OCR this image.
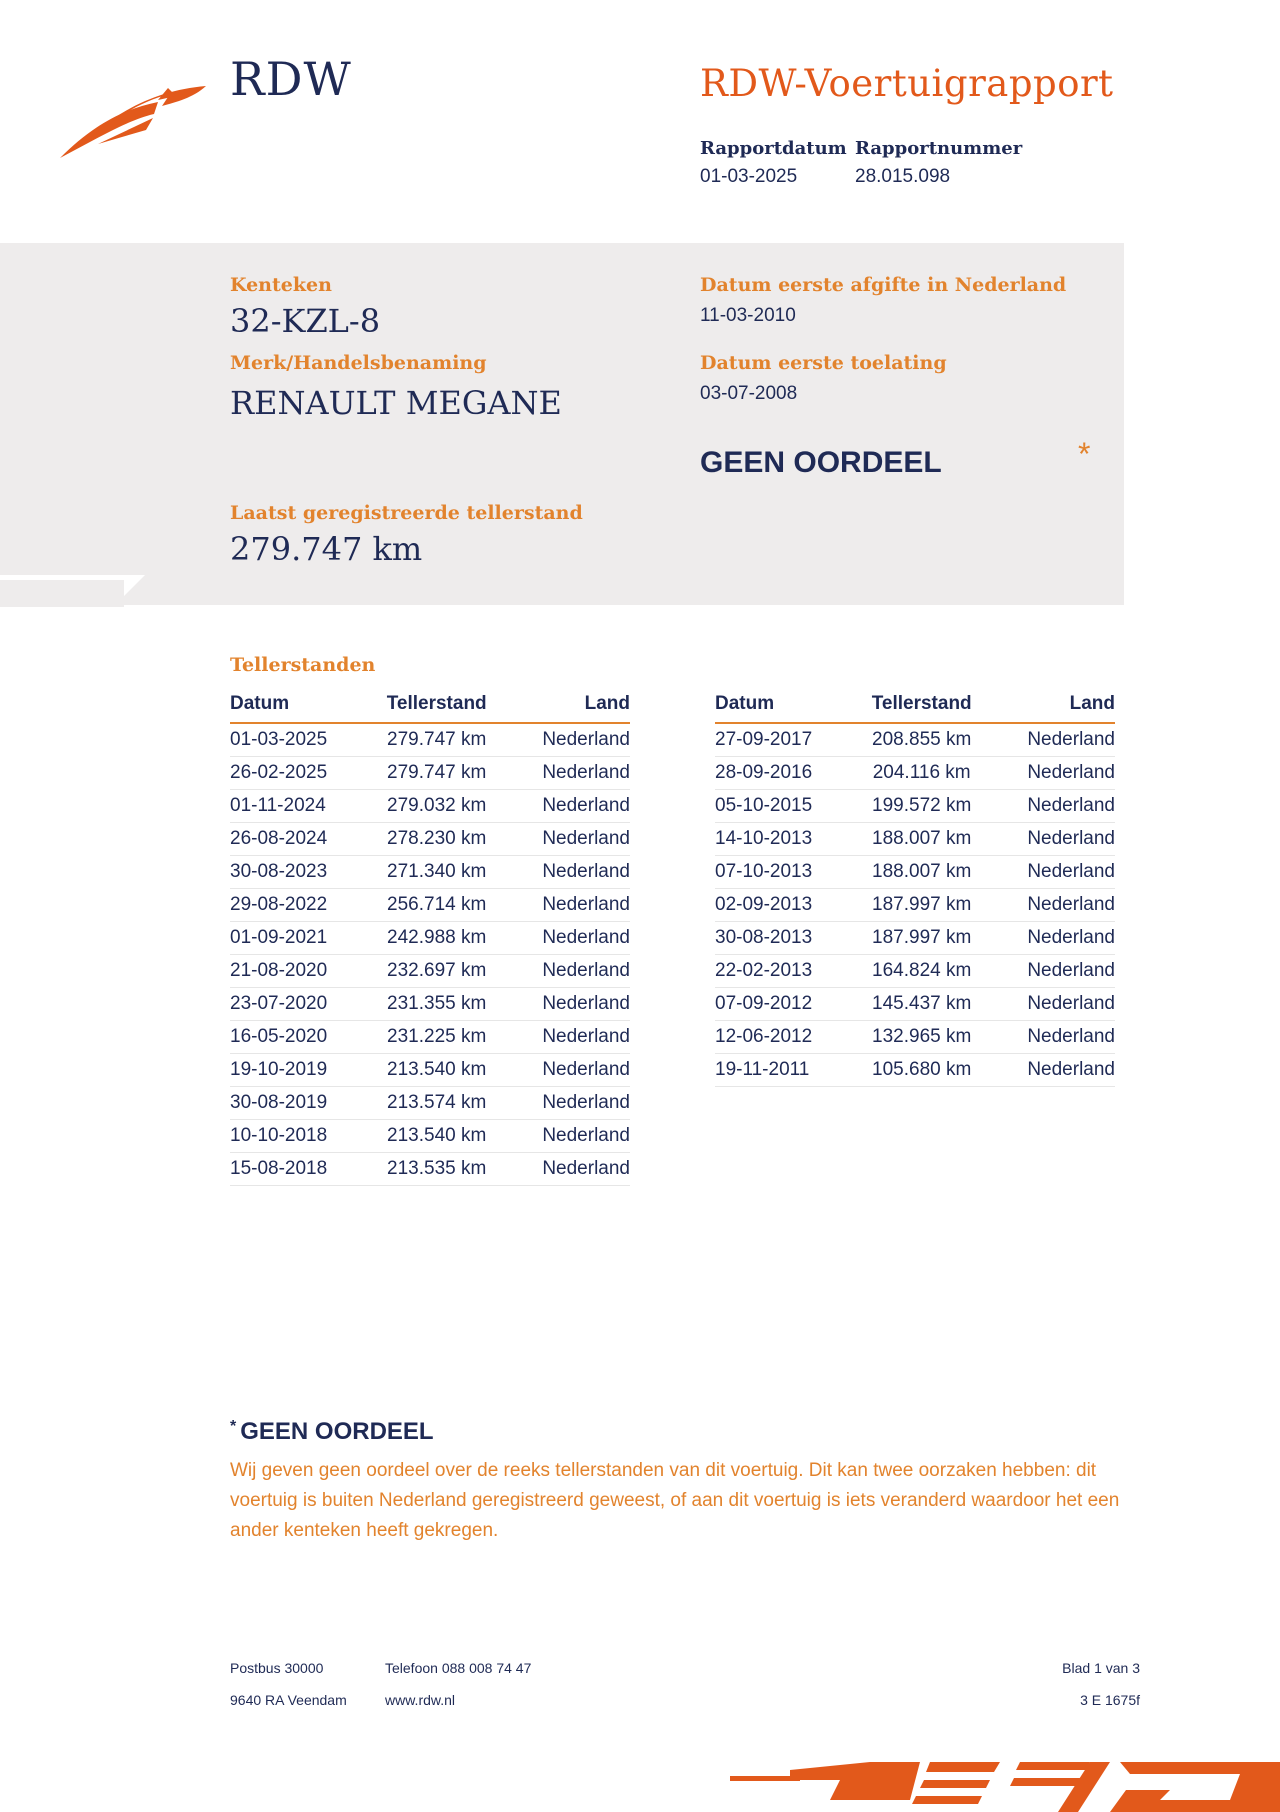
RDW	RDW-Voertuigrapport
Rapportdatum
01-03-2025
Rapportnummer
28.015.098
Kenteken
32-KZL-8
Merk/Handelsbenaming
RENAULT MEGANE
Datum eerste afgifte in Nederland
11-03-2010
Datum eerste toelating
03-07-2008
GEEN OORDEEL	*
Laatst geregistreerde tellerstand
279.747 km
Tellerstanden
Datum	Tellerstand	Land
01-03-2025	279.747 km	Nederland
26-02-2025	279.747 km	Nederland
01-11-2024	279.032 km	Nederland
26-08-2024	278.230 km	Nederland
30-08-2023	271.340 km	Nederland
29-08-2022	256.714 km	Nederland
01-09-2021	242.988 km	Nederland
21-08-2020	232.697 km	Nederland
23-07-2020	231.355 km	Nederland
16-05-2020	231.225 km	Nederland
19-10-2019	213.540 km	Nederland
30-08-2019	213.574 km	Nederland
10-10-2018	213.540 km	Nederland
15-08-2018	213.535 km	Nederland
Datum	Tellerstand	Land
27-09-2017	208.855 km	Nederland
28-09-2016	204.116 km	Nederland
05-10-2015	199.572 km	Nederland
14-10-2013	188.007 km	Nederland
07-10-2013	188.007 km	Nederland
02-09-2013	187.997 km	Nederland
30-08-2013	187.997 km	Nederland
22-02-2013	164.824 km	Nederland
07-09-2012	145.437 km	Nederland
12-06-2012	132.965 km	Nederland
19-11-2011	105.680 km	Nederland
* GEEN OORDEEL
Wij geven geen oordeel over de reeks tellerstanden van dit voertuig. Dit kan twee oorzaken hebben: dit voertuig is buiten Nederland geregistreerd geweest, of aan dit voertuig is iets veranderd waardoor het een ander kenteken heeft gekregen.
Postbus 30000
9640 RA Veendam
Telefoon 088 008 74 47
www.rdw.nl
Blad 1 van 3
3 E 1675f
